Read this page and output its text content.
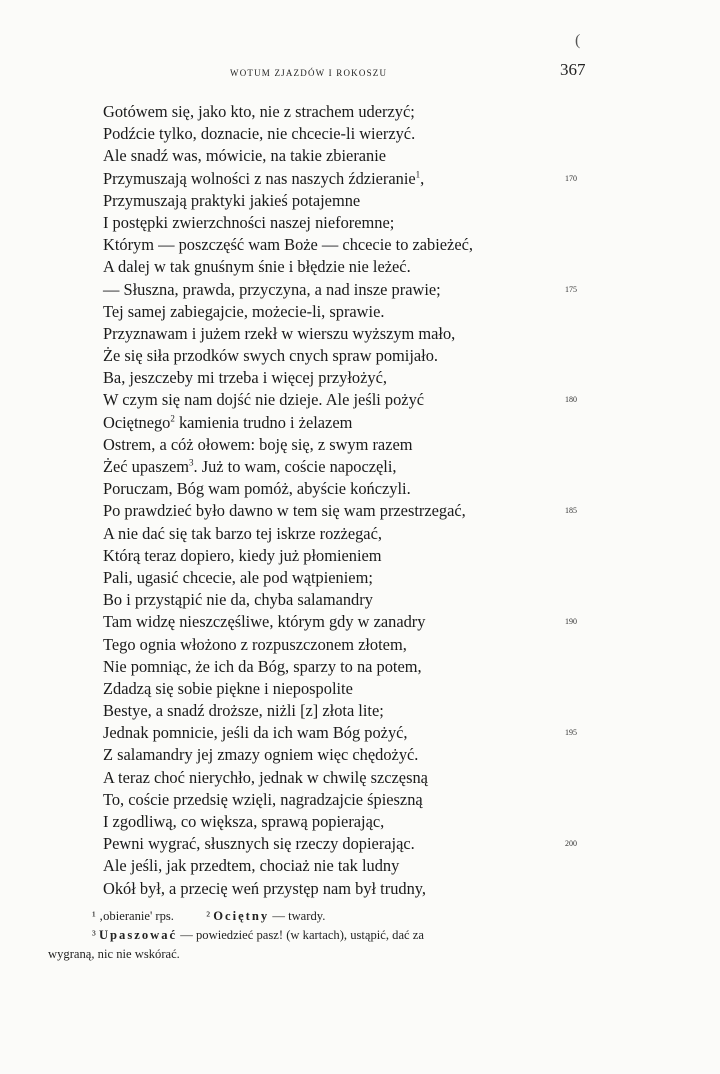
(
WOTUM ZJAZDÓW I ROKOSZU	367
Gotówem się, jako kto, nie z strachem uderzyć;
Podźcie tylko, doznacie, nie chcecie-li wierzyć.
Ale snadź was, mówicie, na takie zbieranie
Przymuszają wolności z nas naszych ździeranie$^1$,	170
Przymuszają praktyki jakieś potajemne
I postępki zwierzchności naszej nieforemne;
Którym — poszczęść wam Boże — chcecie to zabieżeć,
A dalej w tak gnuśnym śnie i błędzie nie leżeć.
— Słuszna, prawda, przyczyna, a nad insze prawie;	175
Tej samej zabiegajcie, możecie-li, sprawie.
Przyznawam i jużem rzekł w wierszu wyższym mało,
Że się siła przodków swych cnych spraw pomijało.
Ba, jeszczeby mi trzeba i więcej przyłożyć,
W czym się nam dojść nie dzieje. Ale jeśli pożyć	180
Ociętnego$^2$ kamienia trudno i żelazem
Ostrem, a cóż ołowem: boję się, z swym razem
Żeć upaszem$^3$. Już to wam, coście napoczęli,
Poruczam, Bóg wam pomóż, abyście kończyli.
Po prawdzieć było dawno w tem się wam przestrzegać,	185
A nie dać się tak barzo tej iskrze rozżegać,
Którą teraz dopiero, kiedy już płomieniem
Pali, ugasić chcecie, ale pod wątpieniem;
Bo i przystąpić nie da, chyba salamandry
Tam widzę nieszczęśliwe, którym gdy w zanadry	190
Tego ognia włożono z rozpuszczonem złotem,
Nie pomniąc, że ich da Bóg, sparzy to na potem,
Zdadzą się sobie piękne i niepospolite
Bestye, a snadź droższe, niżli [z] złota lite;
Jednak pomnicie, jeśli da ich wam Bóg pożyć,	195
Z salamandry jej zmazy ogniem więc chędożyć.
A teraz choć nierychło, jednak w chwilę szczęsną
To, coście przedsię wzięli, nagradzajcie śpieszną
I zgodliwą, co większa, sprawą popierając,
Pewni wygrać, słusznych się rzeczy dopierając.	200
Ale jeśli, jak przedtem, chociaż nie tak ludny
Okół był, a przecię weń przystęp nam był trudny,
¹ ‚obieranie' rps.	² Ociętny — twardy.
³ Upaszować — powiedzieć pasz! (w kartach), ustąpić, dać za
wygraną, nic nie wskórać.
